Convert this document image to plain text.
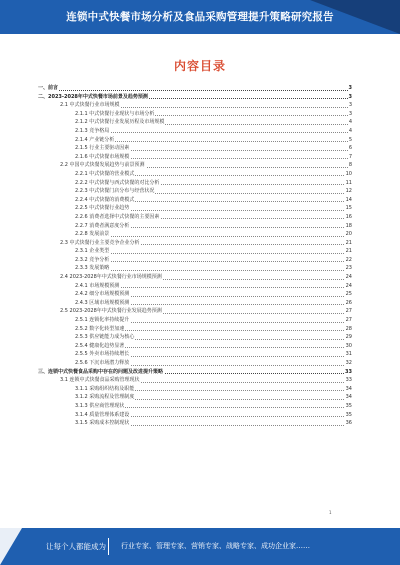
连锁中式快餐市场分析及食品采购管理提升策略研究报告
内容目录
一、前言	3
二、2023-2028年中式快餐市场前景及趋势预测	3
2.1 中式快餐行业市场规模	3
2.1.1 中式快餐行业现状与市场分析	3
2.1.2 中式快餐行业发展历程及市场规模	4
2.1.3 竞争格局	4
2.1.4 产业链分析	5
2.1.5 行业主要驱动因素	6
2.1.6 中式快餐市场规模	7
2.2 中国中式快餐发展趋势与前景预测	8
2.2.1 中式快餐的营业模式	10
2.2.2 中式快餐与西式快餐的对比分析	11
2.2.3 中式快餐门店分布与经营状况	12
2.2.4 中式快餐的消费模式	14
2.2.5 中式快餐行业趋势	15
2.2.6 消费者选择中式快餐的主要因素	16
2.2.7 消费者满意度分析	18
2.2.8 发展前景	20
2.3 中式快餐行业主要竞争企业分析	21
2.3.1 企业类型	21
2.3.2 竞争分析	22
2.3.3 发展策略	23
2.4 2023-2028年中式快餐行业市场规模预测	24
2.4.1 市场规模预测	24
2.4.2 细分市场规模预测	25
2.4.3 区域市场规模预测	26
2.5 2023-2028年中式快餐行业发展趋势预测	27
2.5.1 连锁化率持续提升	27
2.5.2 数字化转型加速	28
2.5.3 供应链能力成为核心	29
2.5.4 健康化趋势显著	30
2.5.5 外卖市场持续增长	31
2.5.6 下沉市场潜力释放	32
三、连锁中式快餐食品采购中存在的问题及改进提升策略	33
3.1 连锁中式快餐食品采购管理现状	33
3.1.1 采购组织结构及职能	34
3.1.2 采购流程及管理制度	34
3.1.3 供应商管理现状	35
3.1.4 质量管理体系建设	35
3.1.5 采购成本控制现状	36
1
让每个人都能成为 行业专家、管理专家、营销专家、战略专家、成功企业家……
